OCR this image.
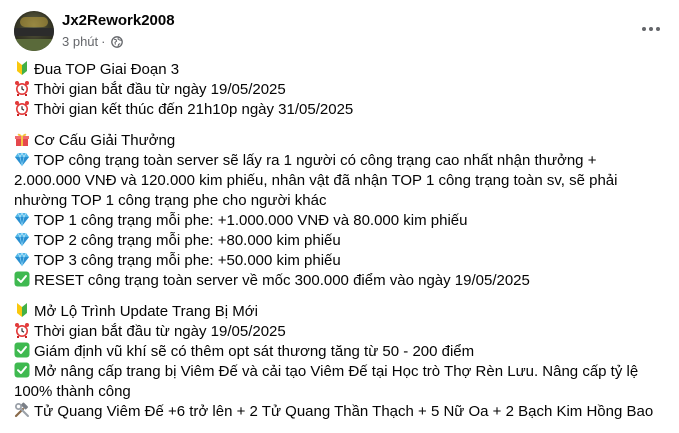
Jx2Rework2008
3 phút ·
Đua TOP Giai Đoạn 3
Thời gian bắt đầu từ ngày 19/05/2025
Thời gian kết thúc đến 21h10p ngày 31/05/2025
Cơ Cấu Giải Thưởng
TOP công trạng toàn server sẽ lấy ra 1 người có công trạng cao nhất nhận thưởng + 2.000.000 VNĐ và 120.000 kim phiếu, nhân vật đã nhận TOP 1 công trạng toàn sv, sẽ phải nhường TOP 1 công trạng phe cho người khác
TOP 1 công trạng mỗi phe: +1.000.000 VNĐ và 80.000 kim phiếu
TOP 2 công trạng mỗi phe: +80.000 kim phiếu
TOP 3 công trạng mỗi phe: +50.000 kim phiếu
RESET công trạng toàn server về mốc 300.000 điểm vào ngày 19/05/2025
Mở Lộ Trình Update Trang Bị Mới
Thời gian bắt đầu từ ngày 19/05/2025
Giám định vũ khí sẽ có thêm opt sát thương tăng từ 50 - 200 điểm
Mở nâng cấp trang bị Viêm Đế và cải tạo Viêm Đế tại Học trò Thợ Rèn Lưu. Nâng cấp tỷ lệ 100% thành công
Tử Quang Viêm Đế +6 trở lên + 2 Tử Quang Thần Thạch + 5 Nữ Oa + 2 Bạch Kim Hồng Bao
